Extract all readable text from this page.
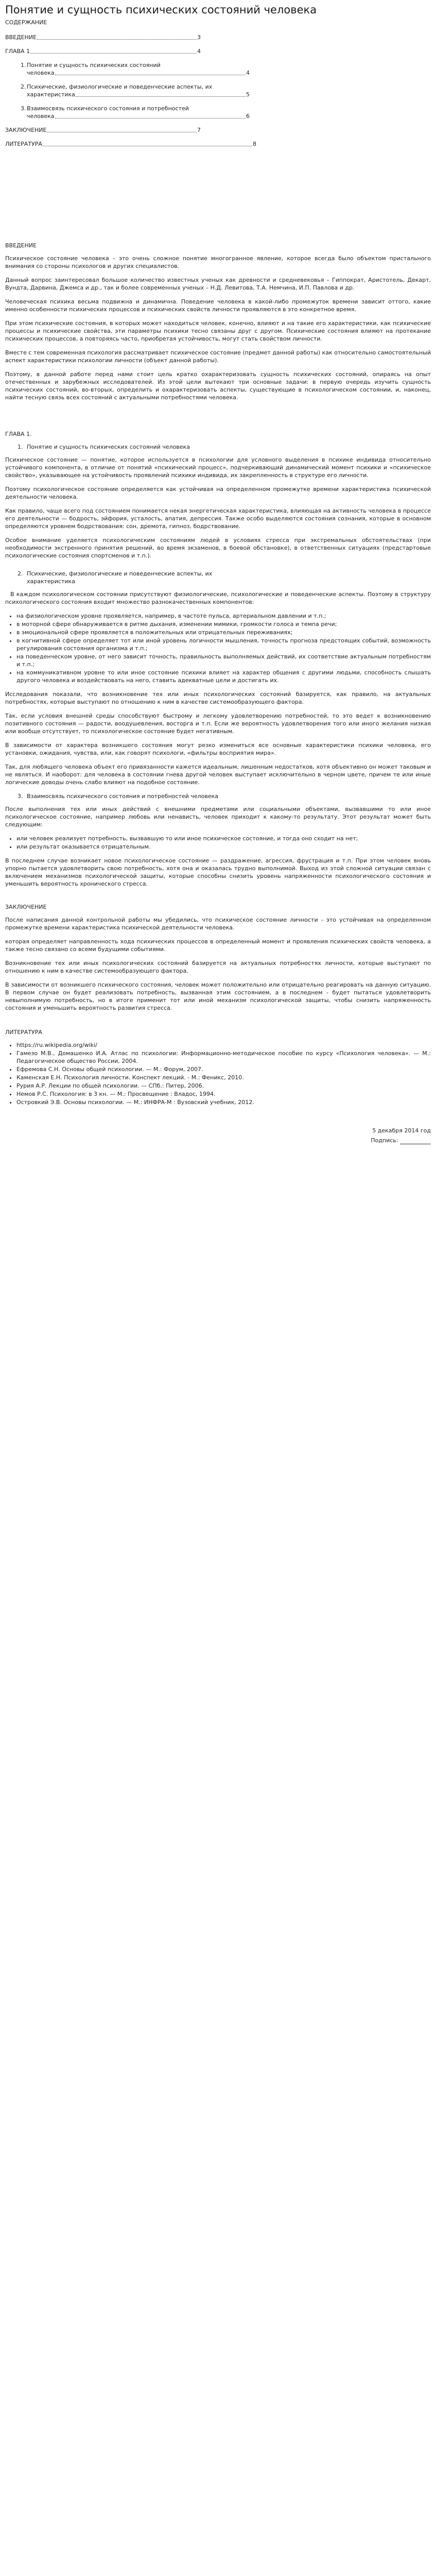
Понятие и сущность психических состояний человека
СОДЕРЖАНИЕ
ВВЕДЕНИЕ	3
ГЛАВА 1	4
1. Понятие и сущность психических состояний
человека	4
2. Психические, физиологические и поведенческие аспекты, их
характеристика	5
3. Взаимосвязь психического состояния и потребностей
человека	6
ЗАКЛЮЧЕНИЕ	7
ЛИТЕРАТУРА	8
ВВЕДЕНИЕ

Психическое состояние человека – это очень сложное понятие многогранное явление, которое всегда было объектом пристального внимания со стороны психологов и других специалистов.

Данный вопрос заинтересовал большое количество известных ученых как древности и средневековья – Гиппократ, Аристотель, Декарт, Вундта, Дарвина, Джемса и др., так и более современных ученых – Н.Д. Левитова, Т.А. Немчина, И.П. Павлова и др.

Человеческая психика весьма подвижна и динамична. Поведение человека в какой-либо промежуток времени зависит оттого, какие именно особенности психических процессов и психических свойств личности проявляются в это конкретное время.

При этом психические состояния, в которых может находиться человек, конечно, влияют и на такие его характеристики, как психические процессы и психические свойства, эти параметры психики тесно связаны друг с другом. Психические состояния влияют на протекание психических процессов, а повторяясь часто, приобретая устойчивость, могут стать свойством личности.

Вместе с тем современная психология рассматривает психическое состояние (предмет данной работы) как относительно самостоятельный аспект характеристики психологии личности (объект данной работы).

Поэтому, в данной работе перед нами стоит цель кратко охарактеризовать сущность психических состояний, опираясь на опыт отечественных и зарубежных исследователей. Из этой цели вытекают три основные задачи: в первую очередь изучить сущность психических состояний, во-вторых, определить и охарактеризовать аспекты, существующие в психологическом состоянии, и, наконец, найти тесную связь всех состояний с актуальными потребностями человека.

ГЛАВА 1.
1. Понятие и сущность психических состояний человека

Психическое состояние — понятие, которое используется в психологии для условного выделения в психике индивида относительно устойчивого компонента, в отличие от понятий «психический процесс», подчеркивающий динамический момент психики и «психическое свойство», указывающее на устойчивость проявлений психики индивида, их закрепленность в структуре его личности.

Поэтому психологическое состояние определяется как устойчивая на определенном промежутке времени характеристика психической деятельности человека.

Как правило, чаще всего под состоянием понимается некая энергетическая характеристика, влияющая на активность человека в процессе его деятельности — бодрость, эйфория, усталость, апатия, депрессия. Также особо выделяются состояния сознания, которые в основном определяются уровнем бодрствования: сон, дремота, гипноз, бодрствование.

Особое внимание уделяется психологическим состояниям людей в условиях стресса при экстремальных обстоятельствах (при необходимости экстренного принятия решений, во время экзаменов, в боевой обстановке), в ответственных ситуациях (предстартовые психологические состояния спортсменов и т.п.).

2. Психические, физиологические и поведенческие аспекты, их
характеристика

В каждом психологическом состоянии присутствуют физиологические, психологические и поведенческие аспекты. Поэтому в структуру психологического состояния входит множество разнокачественных компонентов:

• на физиологическом уровне проявляется, например, в частоте пульса, артериальном давлении и т.п.;
• в моторной сфере обнаруживается в ритме дыхания, изменении мимики, громкости голоса и темпа речи;
• в эмоциональной сфере проявляется в положительных или отрицательных переживаниях;
• в когнитивной сфере определяет тот или иной уровень логичности мышления, точность прогноза предстоящих событий, возможность регулирования состояния организма и т.п.;
• на поведенческом уровне, от него зависит точность, правильность выполняемых действий, их соответствие актуальным потребностям и т.п.;
• на коммуникативном уровне то или иное состояние психики влияет на характер общения с другими людьми, способность слышать другого человека и воздействовать на него, ставить адекватные цели и достигать их.

Исследования показали, что возникновение тех или иных психологических состояний базируется, как правило, на актуальных потребностях, которые выступают по отношению к ним в качестве системообразующего фактора.

Так, если условия внешней среды способствуют быстрому и легкому удовлетворению потребностей, то это ведет к возникновению позитивного состояния — радости, воодушевления, восторга и т.п. Если же вероятность удовлетворения того или иного желания низкая или вообще отсутствует, то психологическое состояние будет негативным.

В зависимости от характера возникшего состояния могут резко измениться все основные характеристики психики человека, его установки, ожидания, чувства, или, как говорят психологи, «фильтры восприятия мира».

Так, для любящего человека объект его привязанности кажется идеальным, лишенным недостатков, хотя объективно он может таковым и не являться. И наоборот: для человека в состоянии гнева другой человек выступает исключительно в черном цвете, причем те или иные логические доводы очень слабо влияют на подобное состояние.

3. Взаимосвязь психического состояния и потребностей человека

После выполнения тех или иных действий с внешними предметами или социальными объектами, вызвавшими то или иное психологическое состояние, например любовь или ненависть, человек приходит к какому-то результату. Этот результат может быть следующим:

• или человек реализует потребность, вызвавшую то или иное психическое состояние, и тогда оно сходит на нет;
• или результат оказывается отрицательным.

В последнем случае возникает новое психологическое состояние — раздражение, агрессия, фрустрация и т.п. При этом человек вновь упорно пытается удовлетворить свою потребность, хотя она и оказалась трудно выполнимой. Выход из этой сложной ситуации связан с включением механизмов психологической защиты, которые способны снизить уровень напряженности психологического состояния и уменьшить вероятность хронического стресса.

ЗАКЛЮЧЕНИЕ

После написания данной контрольной работы мы убедились, что психическое состояние личности - это устойчивая на определенном промежутке времени характеристика психической деятельности человека.

которая определяет направленность хода психических процессов в определенный момент и проявления психических свойств человека, а также тесно связано со всеми будущими событиями.

Возникновение тех или иных психологических состояний базируется на актуальных потребностях личности, которые выступают по отношению к ним в качестве системообразующего фактора.

В зависимости от возникшего психического состояния, человек может положительно или отрицательно реагировать на данную ситуацию. В первом случае он будет реализовать потребность, вызванная этим состоянием, а в последнем - будет пытаться удовлетворить невыполнимую потребность, но в итоге применит тот или иной механизм психологической защиты, чтобы снизить напряженность состояния и уменьшить вероятность развития стресса.

ЛИТЕРАТУРА
• https://ru.wikipedia.org/wiki/
• Гамезо М.В., Домашенко И.А. Атлас по психологии: Информационно-методическое пособие по курсу «Психология человека». — М.: Педагогическое общество России, 2004.
• Ефремова С.Н. Основы общей психологии. — М.: Форум, 2007.
• Каменская Е.Н. Психология личности. Конспект лекций. - М.: Феникс, 2010.
• Рурия А.Р. Лекции по общей психологии. — СПб.: Питер, 2006.
• Немов Р.С. Психология: в 3 кн. — М.: Просвещение : Владос, 1994.
• Островкий Э.В. Основы психологии. — М.: ИНФРА-М : Вузовский учебник, 2012.
5 декабря 2014 год
Подпись:
